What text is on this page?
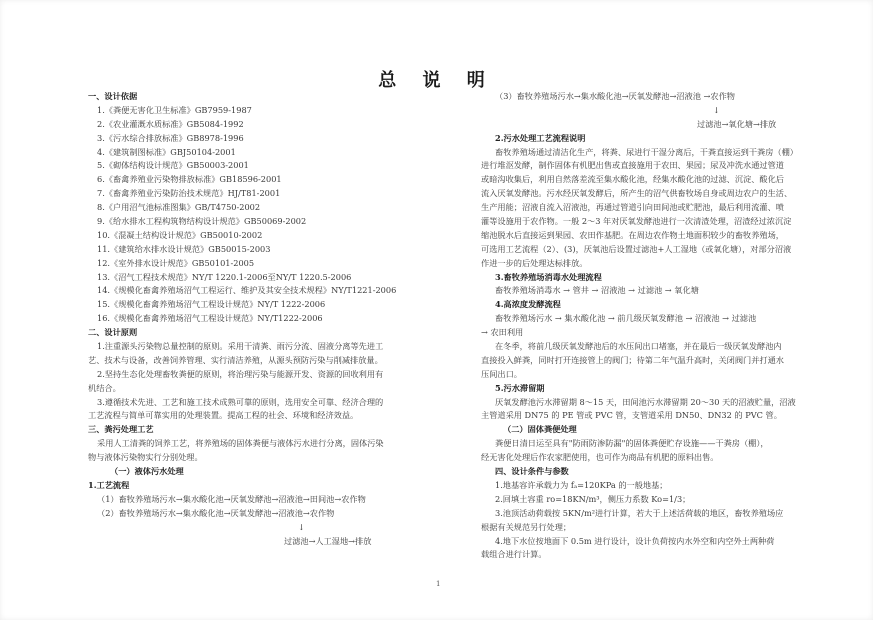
总 说 明
一、设计依据
1.《粪便无害化卫生标准》GB7959-1987
2.《农业灌溉水质标准》GB5084-1992
3.《污水综合排放标准》GB8978-1996
4.《建筑制图标准》GBJ50104-2001
5.《砌体结构设计规范》GB50003-2001
6.《畜禽养殖业污染物排放标准》GB18596-2001
7.《畜禽养殖业污染防治技术规范》HJ/T81-2001
8.《户用沼气池标准图集》GB/T4750-2002
9.《给水排水工程构筑物结构设计规范》GB50069-2002
10.《混凝土结构设计规范》GB50010-2002
11.《建筑给水排水设计规范》GB50015-2003
12.《室外排水设计规范》GB50101-2005
13.《沼气工程技术规范》NY/T 1220.1-2006至NY/T 1220.5-2006
14.《规模化畜禽养殖场沼气工程运行、维护及其安全技术规程》NY/T1221-2006
15.《规模化畜禽养殖场沼气工程设计规范》NY/T 1222-2006
16.《规模化畜禽养殖场沼气工程设计规范》NY/T1222-2006
二、设计原则
1.注重源头污染物总量控制的原则。采用干清粪、雨污分流、固液分离等先进工
艺、技术与设备，改善饲养管理、实行清洁养殖，从源头预防污染与削减排放量。
2.坚持生态化处理畜牧粪便的原则，将治理污染与能源开发、资源的回收利用有
机结合。
3.遵循技术先进、工艺和施工技术成熟可靠的原则，选用安全可靠、经济合理的
工艺流程与简单可靠实用的处理装置。提高工程的社会、环境和经济效益。
三、粪污处理工艺
采用人工清粪的饲养工艺，将养殖场的固体粪便与液体污水进行分离，固体污染
物与液体污染物实行分别处理。
（一）液体污水处理
1.工艺流程
（1）畜牧养殖场污水→集水酸化池→厌氧发酵池→沼液池→田间池→农作物
（2）畜牧养殖场污水→集水酸化池→厌氧发酵池→沼液池→农作物
↓
过滤池→人工湿地→排放
（3）畜牧养殖场污水→集水酸化池→厌氧发酵池→沼液池 →农作物
↓
过滤池→氧化塘→排放
2.污水处理工艺流程说明
畜牧养殖场通过清洁化生产，将粪、尿进行干湿分离后，干粪直接运到干粪房（棚）
进行堆沤发酵，制作固体有机肥出售或直接施用于农田、果园；尿及冲洗水通过管道
或暗沟收集后，利用自然落差流至集水酸化池，经集水酸化池的过滤、沉淀、酸化后
流入厌氧发酵池。污水经厌氧发酵后，所产生的沼气供畜牧场自身或周边农户的生活、
生产用能；沼液自流入沼液池，再通过管道引向田间池或贮肥池，最后利用流灌、喷
灌等设施用于农作物。一般 2～3 年对厌氧发酵池进行一次清渣处理，沼渣经过浓沉淀
缩池脱水后直接运到果园、农田作基肥。在周边农作物土地面积较少的畜牧养殖场，
可选用工艺流程（2）、(3)，厌氧池后设置过滤池+人工湿地（或氧化塘），对部分沼液
作进一步的后处理达标排放。
3.畜牧养殖场消毒水处理流程
畜牧养殖场消毒水 → 管井 → 沼液池 → 过滤池 → 氧化塘
4.高浓度发酵流程
畜牧养殖场污水 → 集水酸化池 → 前几级厌氧发酵池 → 沼液池 → 过滤池
→ 农田利用
在冬季，将前几级厌氧发酵池后的水压间出口堵塞，并在最后一级厌氧发酵池内
直接投入鲜粪，同时打开连接管上的阀门；待第二年气温升高时，关闭阀门并打通水
压间出口。
5.污水滞留期
厌氧发酵池污水滞留期 8～15 天，田间池污水滞留期 20～30 天的沼液贮量，沼液
主管道采用 DN75 的 PE 管或 PVC 管，支管道采用 DN50、DN32 的 PVC 管。
（二）固体粪便处理
粪便日清日运至具有"防雨防渗防漏"的固体粪便贮存设施——干粪房（棚），
经无害化处理后作农家肥使用，也可作为商品有机肥的原料出售。
四、设计条件与参数
1.地基容许承载力为 fₐ=120KPa 的一般地基；
2.回填土容重 ro=18KN/m³，侧压力系数 Ko=1/3；
3.池顶活动荷载按 5KN/m²进行计算，若大于上述活荷载的地区，畜牧养殖场应
根据有关规范另行处理；
4.地下水位按地面下 0.5m 进行设计，设计负荷按内水外空和内空外土两种荷
载组合进行计算。
1
